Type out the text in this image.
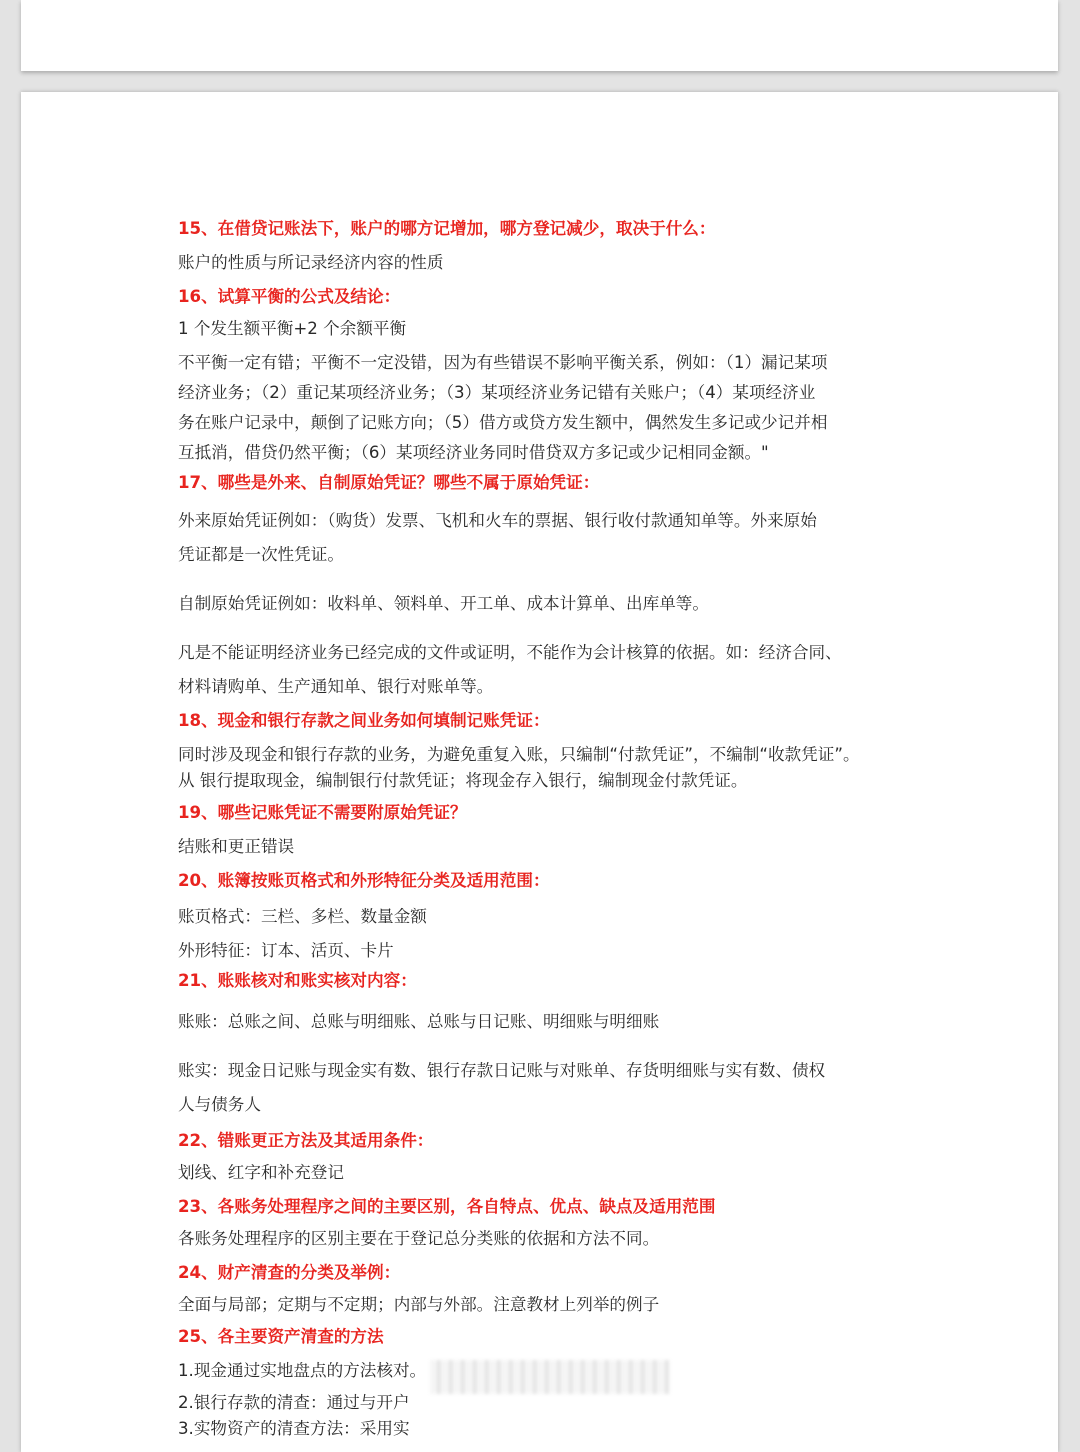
15、在借贷记账法下，账户的哪方记增加，哪方登记减少，取决于什么：
账户的性质与所记录经济内容的性质
16、试算平衡的公式及结论：
1 个发生额平衡+2 个余额平衡
不平衡一定有错；平衡不一定没错，因为有些错误不影响平衡关系，例如：（1）漏记某项
经济业务；（2）重记某项经济业务；（3）某项经济业务记错有关账户；（4）某项经济业
务在账户记录中，颠倒了记账方向；（5）借方或贷方发生额中，偶然发生多记或少记并相
互抵消，借贷仍然平衡；（6）某项经济业务同时借贷双方多记或少记相同金额。"
17、哪些是外来、自制原始凭证？哪些不属于原始凭证：
外来原始凭证例如：（购货）发票、飞机和火车的票据、银行收付款通知单等。外来原始
凭证都是一次性凭证。
自制原始凭证例如：收料单、领料单、开工单、成本计算单、出库单等。
凡是不能证明经济业务已经完成的文件或证明，不能作为会计核算的依据。如：经济合同、
材料请购单、生产通知单、银行对账单等。
18、现金和银行存款之间业务如何填制记账凭证：
同时涉及现金和银行存款的业务，为避免重复入账，只编制“付款凭证”，不编制“收款凭证”。
从 银行提取现金，编制银行付款凭证；将现金存入银行，编制现金付款凭证。
19、哪些记账凭证不需要附原始凭证？
结账和更正错误
20、账簿按账页格式和外形特征分类及适用范围：
账页格式：三栏、多栏、数量金额
外形特征：订本、活页、卡片
21、账账核对和账实核对内容：
账账：总账之间、总账与明细账、总账与日记账、明细账与明细账
账实：现金日记账与现金实有数、银行存款日记账与对账单、存货明细账与实有数、债权
人与债务人
22、错账更正方法及其适用条件：
划线、红字和补充登记
23、各账务处理程序之间的主要区别，各自特点、优点、缺点及适用范围
各账务处理程序的区别主要在于登记总分类账的依据和方法不同。
24、财产清查的分类及举例：
全面与局部；定期与不定期；内部与外部。注意教材上列举的例子
25、各主要资产清查的方法
1.现金通过实地盘点的方法核对。
2.银行存款的清查：通过与开户
3.实物资产的清查方法：采用实
